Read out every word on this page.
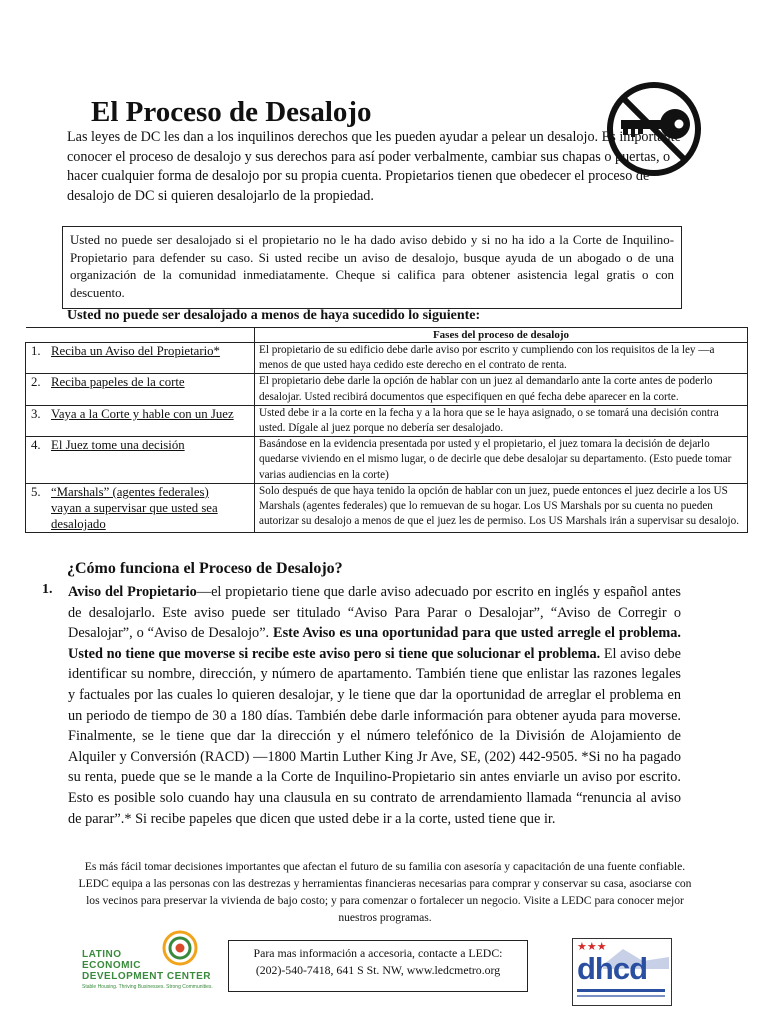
El Proceso de Desalojo

Las leyes de DC les dan a los inquilinos derechos que les pueden ayudar a pelear un desalojo. Es importante conocer el proceso de desalojo y sus derechos para así poder verbalmente, cambiar sus chapas o puertas, o hacer cualquier forma de desalojo por su propia cuenta. Propietarios tienen que obedecer el proceso de desalojo de DC si quieren desalojarlo de la propiedad.

Usted no puede ser desalojado si el propietario no le ha dado aviso debido y si no ha ido a la Corte de Inquilino-Propietario para defender su caso. Si usted recibe un aviso de desalojo, busque ayuda de un abogado o de una organización de la comunidad inmediatamente. Cheque si califica para obtener asistencia legal gratis o con descuento.

Usted no puede ser desalojado a menos de haya sucedido lo siguiente:

	Fases del proceso de desalojo
1. Reciba un Aviso del Propietario*	El propietario de su edificio debe darle aviso por escrito y cumpliendo con los requisitos de la ley —a menos de que usted haya cedido este derecho en el contrato de renta.
2. Reciba papeles de la corte	El propietario debe darle la opción de hablar con un juez al demandarlo ante la corte antes de poderlo desalojar. Usted recibirá documentos que especifiquen en qué fecha debe aparecer en la corte.
3. Vaya a la Corte y hable con un Juez	Usted debe ir a la corte en la fecha y a la hora que se le haya asignado, o se tomará una decisión contra usted. Dígale al juez porque no debería ser desalojado.
4. El Juez tome una decisión	Basándose en la evidencia presentada por usted y el propietario, el juez tomara la decisión de dejarlo quedarse viviendo en el mismo lugar, o de decirle que debe desalojar su departamento. (Esto puede tomar varias audiencias en la corte)
5. “Marshals” (agentes federales) vayan a supervisar que usted sea desalojado	Solo después de que haya tenido la opción de hablar con un juez, puede entonces el juez decirle a los US Marshals (agentes federales) que lo remuevan de su hogar. Los US Marshals por su cuenta no pueden autorizar su desalojo a menos de que el juez les de permiso. Los US Marshals irán a supervisar su desalojo.
¿Cómo funciona el Proceso de Desalojo?
1. Aviso del Propietario—el propietario tiene que darle aviso adecuado por escrito en inglés y español antes de desalojarlo. Este aviso puede ser titulado “Aviso Para Parar o Desalojar”, “Aviso de Corregir o Desalojar”, o “Aviso de Desalojo”. Este Aviso es una oportunidad para que usted arregle el problema. Usted no tiene que moverse si recibe este aviso pero si tiene que solucionar el problema. El aviso debe identificar su nombre, dirección, y número de apartamento. También tiene que enlistar las razones legales y factuales por las cuales lo quieren desalojar, y le tiene que dar la oportunidad de arreglar el problema en un periodo de tiempo de 30 a 180 días. También debe darle información para obtener ayuda para moverse. Finalmente, se le tiene que dar la dirección y el número telefónico de la División de Alojamiento de Alquiler y Conversión (RACD) —1800 Martin Luther King Jr Ave, SE, (202) 442-9505. *Si no ha pagado su renta, puede que se le mande a la Corte de Inquilino-Propietario sin antes enviarle un aviso por escrito. Esto es posible solo cuando hay una clausula en su contrato de arrendamiento llamada “renuncia al aviso de parar”.* Si recibe papeles que dicen que usted debe ir a la corte, usted tiene que ir.

Es más fácil tomar decisiones importantes que afectan el futuro de su familia con asesoría y capacitación de una fuente confiable. LEDC equipa a las personas con las destrezas y herramientas financieras necesarias para comprar y conservar su casa, asociarse con los vecinos para preservar la vivienda de bajo costo; y para comenzar o fortalecer un negocio. Visite a LEDC para conocer mejor nuestros programas.

LATINO
ECONOMIC
DEVELOPMENT CENTER
Stable Housing. Thriving Businesses. Strong Communities.
Para mas información a accesoria, contacte a LEDC:
(202)-540-7418, 641 S St. NW, www.ledcmetro.org
★★★
dhcd
